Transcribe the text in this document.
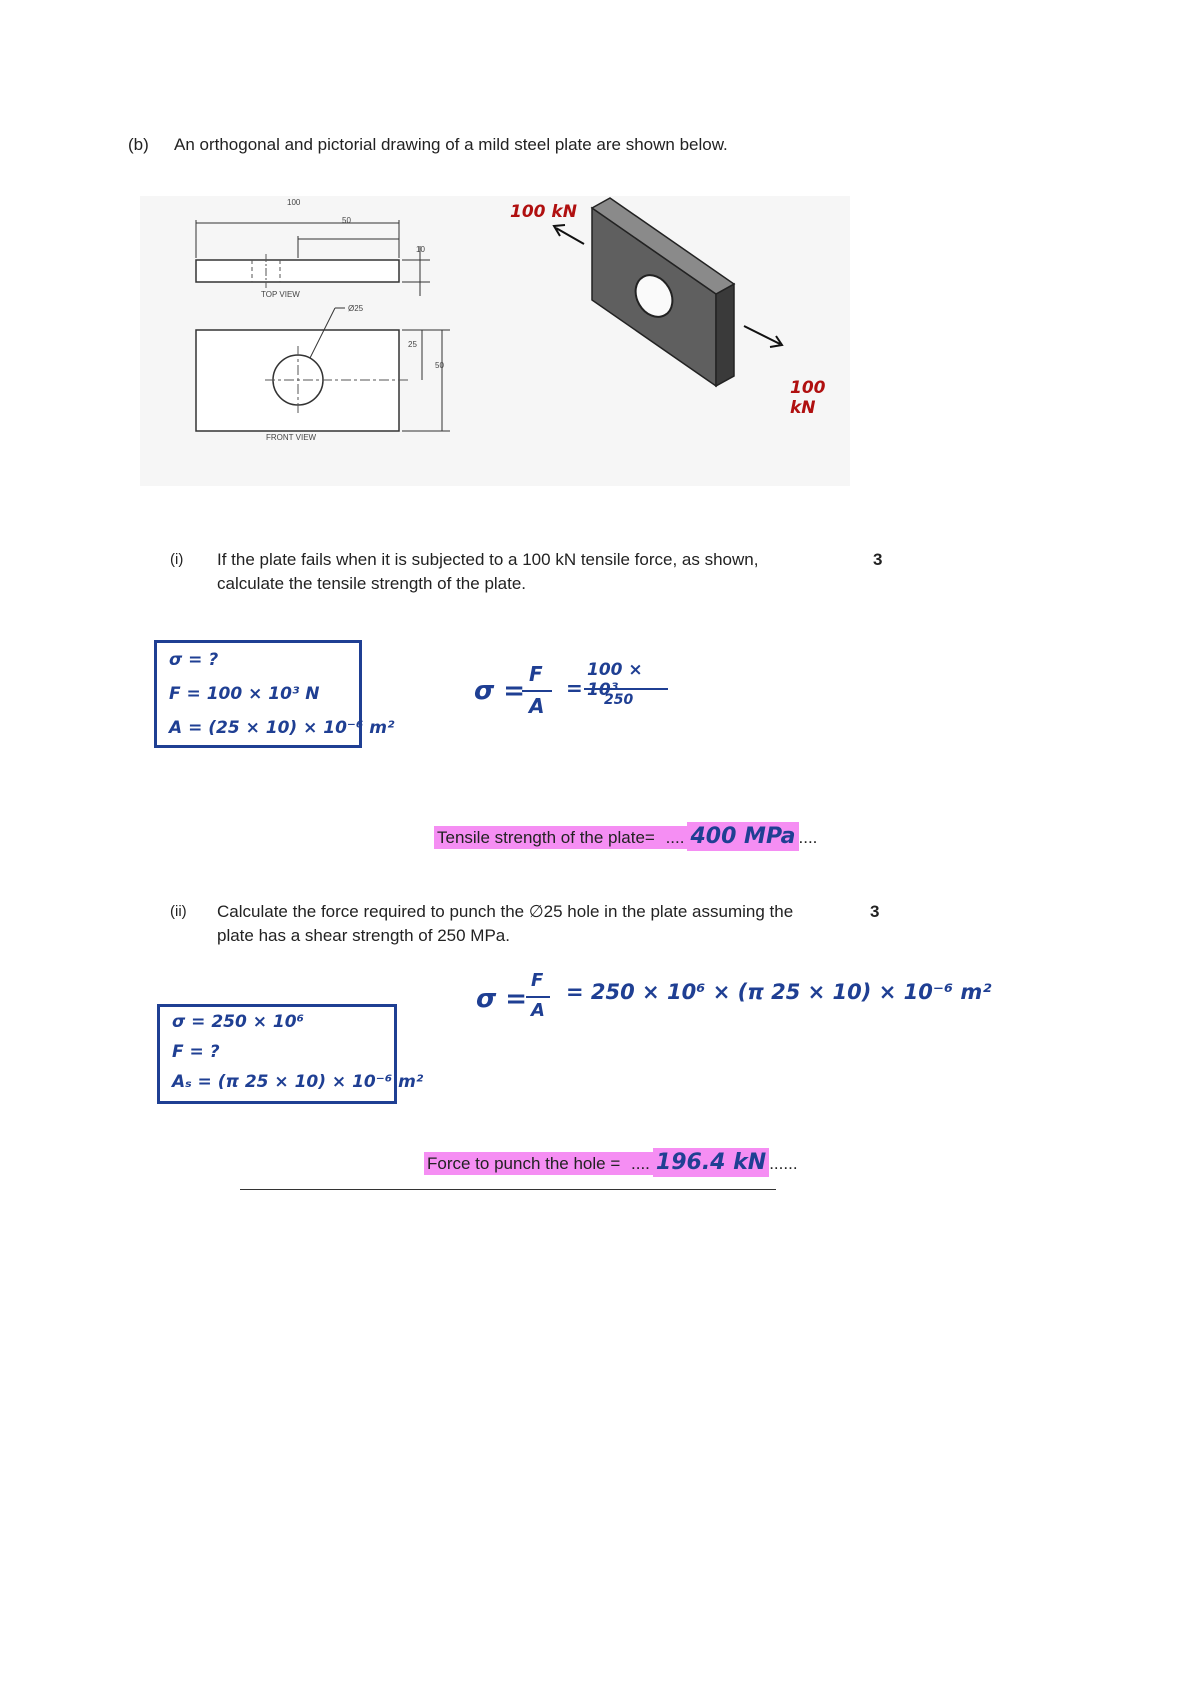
(b) An orthogonal and pictorial drawing of a mild steel plate are shown below.
100
50
10
TOP VIEW
Ø25
25
50
FRONT VIEW
100 kN
100 kN
(i) If the plate fails when it is subjected to a 100 kN tensile force, as shown,
calculate the tensile strength of the plate.
3
σ = ?
F = 100 × 10³ N
A = (25 × 10) × 10⁻⁶ m²
σ =
F
A
=
100 × 10³
250
Tensile strength of the plate= .... 400 MPa ....
(ii) Calculate the force required to punch the ∅25 hole in the plate assuming the
plate has a shear strength of 250 MPa.
3
σ = 250 × 10⁶
F = ?
Aₛ = (π 25 × 10) × 10⁻⁶ m²
σ =
F
A
= 250 × 10⁶ × (π 25 × 10) × 10⁻⁶ m²
Force to punch the hole = .... 196.4 kN ......
